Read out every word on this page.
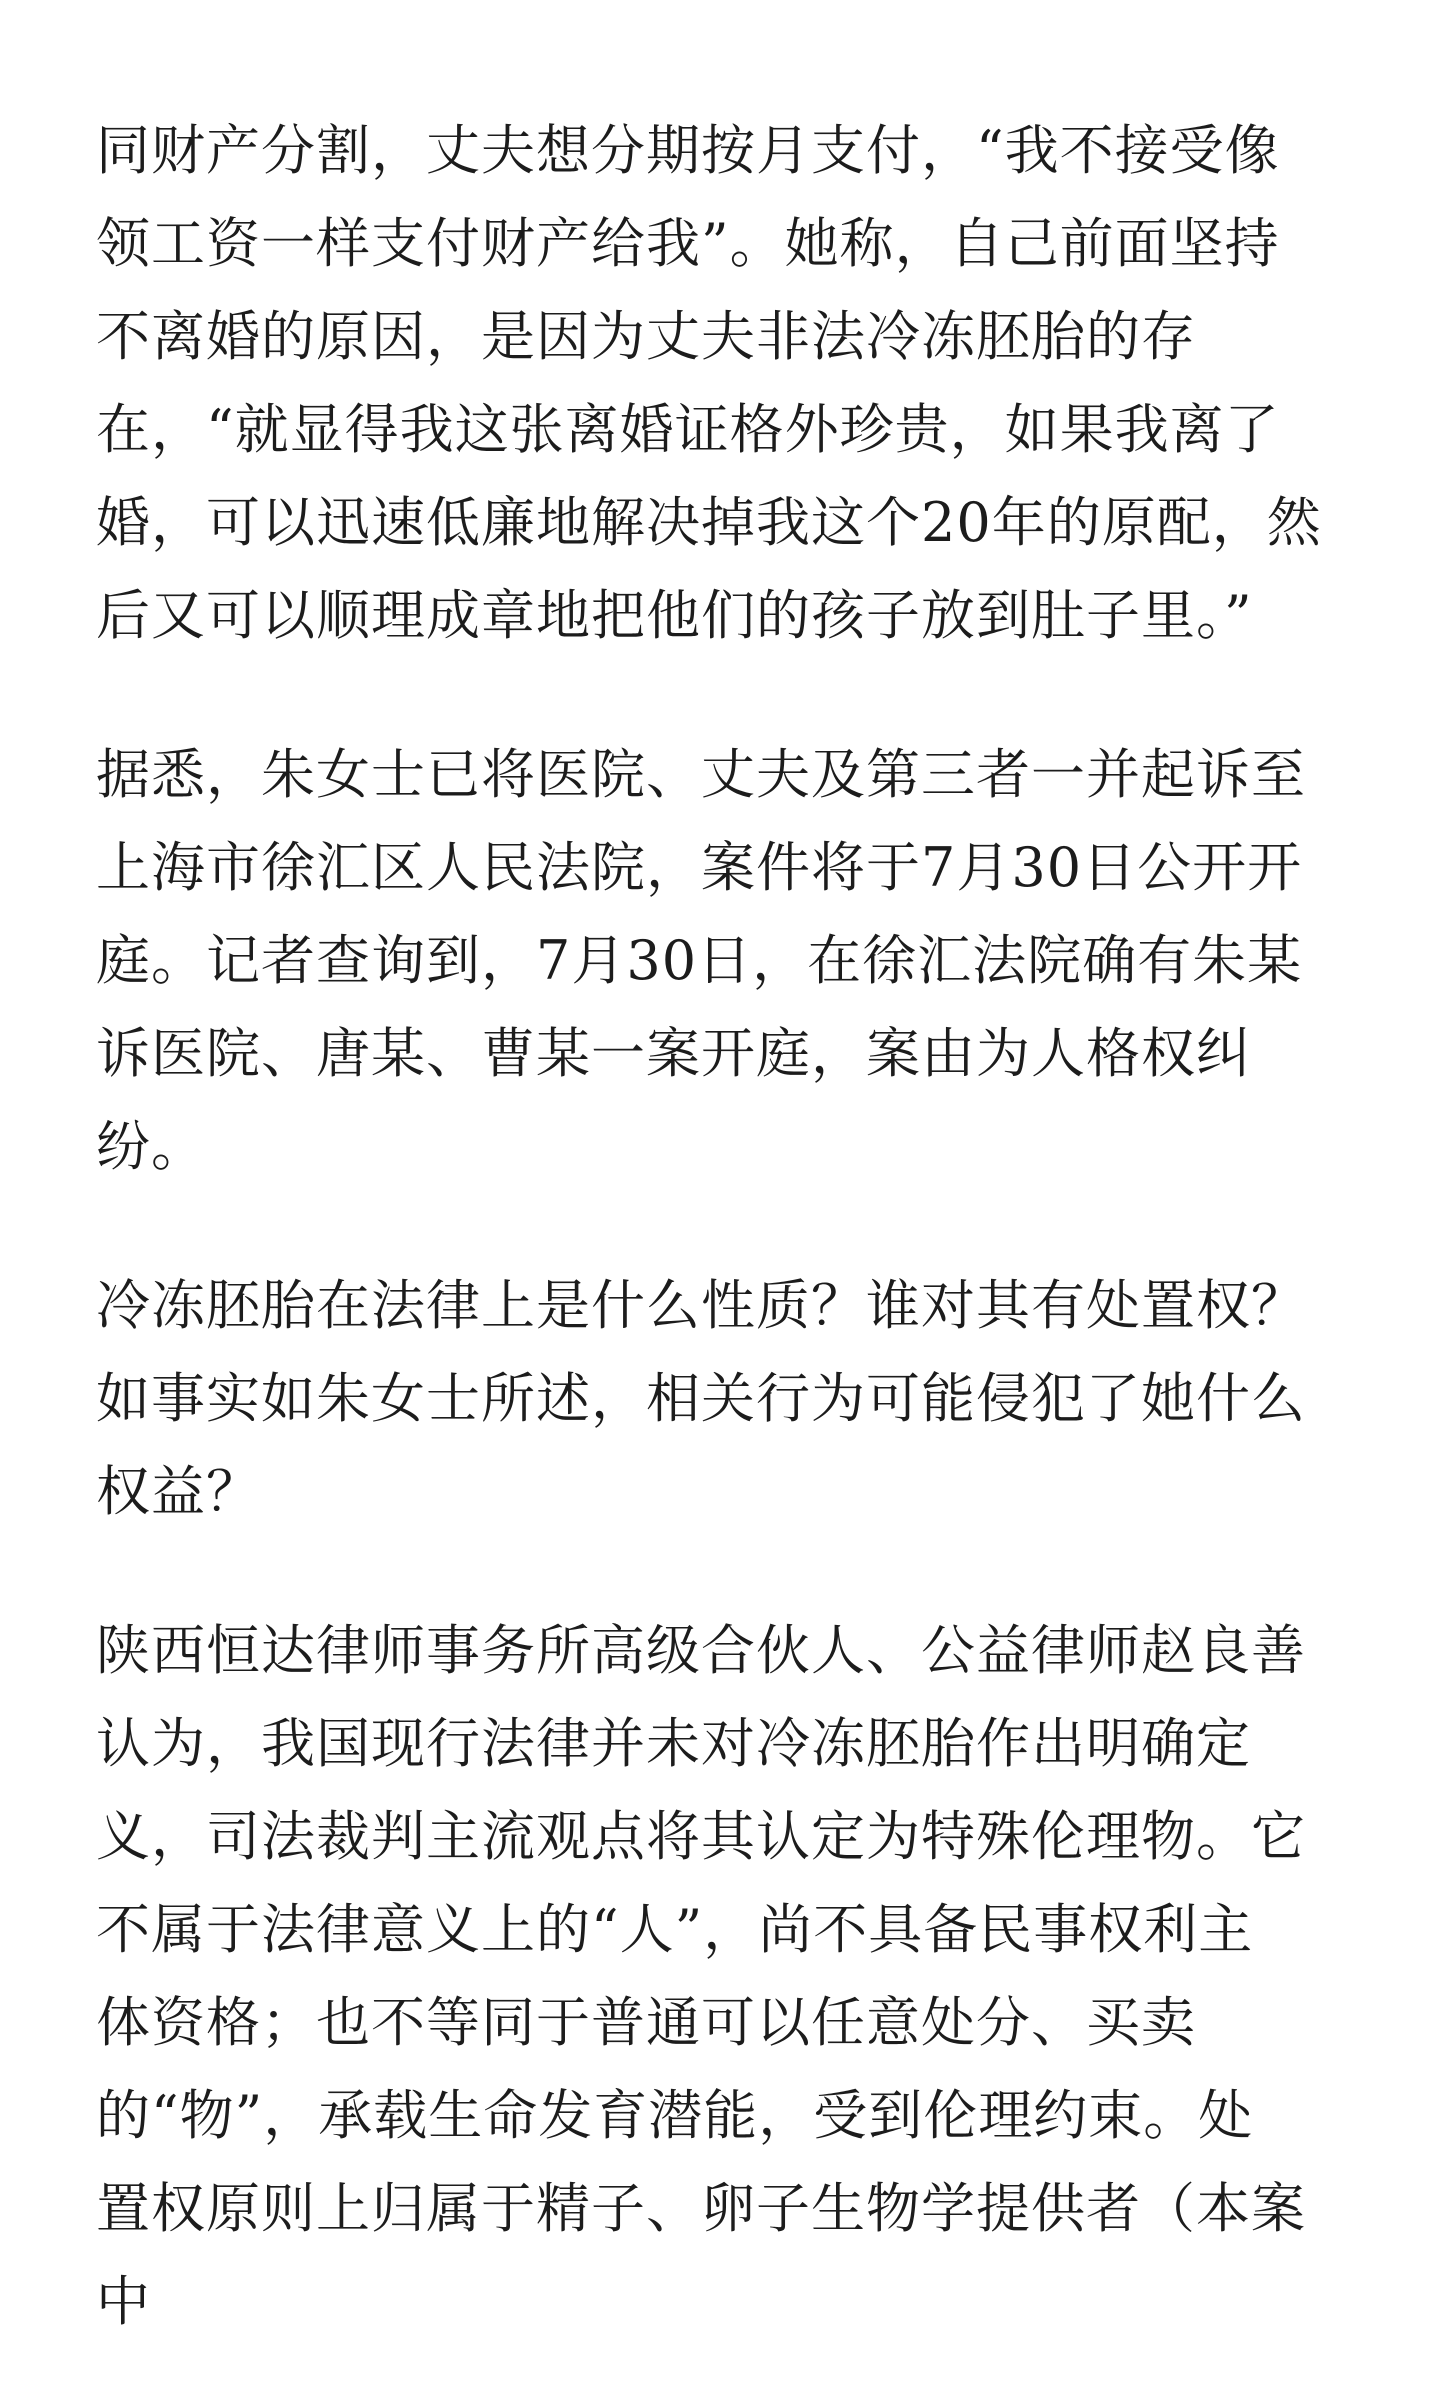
同财产分割，丈夫想分期按月支付，“我不接受像
领工资一样支付财产给我”。她称，自己前面坚持
不离婚的原因，是因为丈夫非法冷冻胚胎的存
在，“就显得我这张离婚证格外珍贵，如果我离了
婚，可以迅速低廉地解决掉我这个20年的原配，然
后又可以顺理成章地把他们的孩子放到肚子里。”
据悉，朱女士已将医院、丈夫及第三者一并起诉至
上海市徐汇区人民法院，案件将于7月30日公开开
庭。记者查询到，7月30日，在徐汇法院确有朱某
诉医院、唐某、曹某一案开庭，案由为人格权纠
纷。
冷冻胚胎在法律上是什么性质？谁对其有处置权？
如事实如朱女士所述，相关行为可能侵犯了她什么
权益？
陕西恒达律师事务所高级合伙人、公益律师赵良善
认为，我国现行法律并未对冷冻胚胎作出明确定
义，司法裁判主流观点将其认定为特殊伦理物。它
不属于法律意义上的“人”，尚不具备民事权利主
体资格；也不等同于普通可以任意处分、买卖
的“物”，承载生命发育潜能，受到伦理约束。处
置权原则上归属于精子、卵子生物学提供者（本案
中
